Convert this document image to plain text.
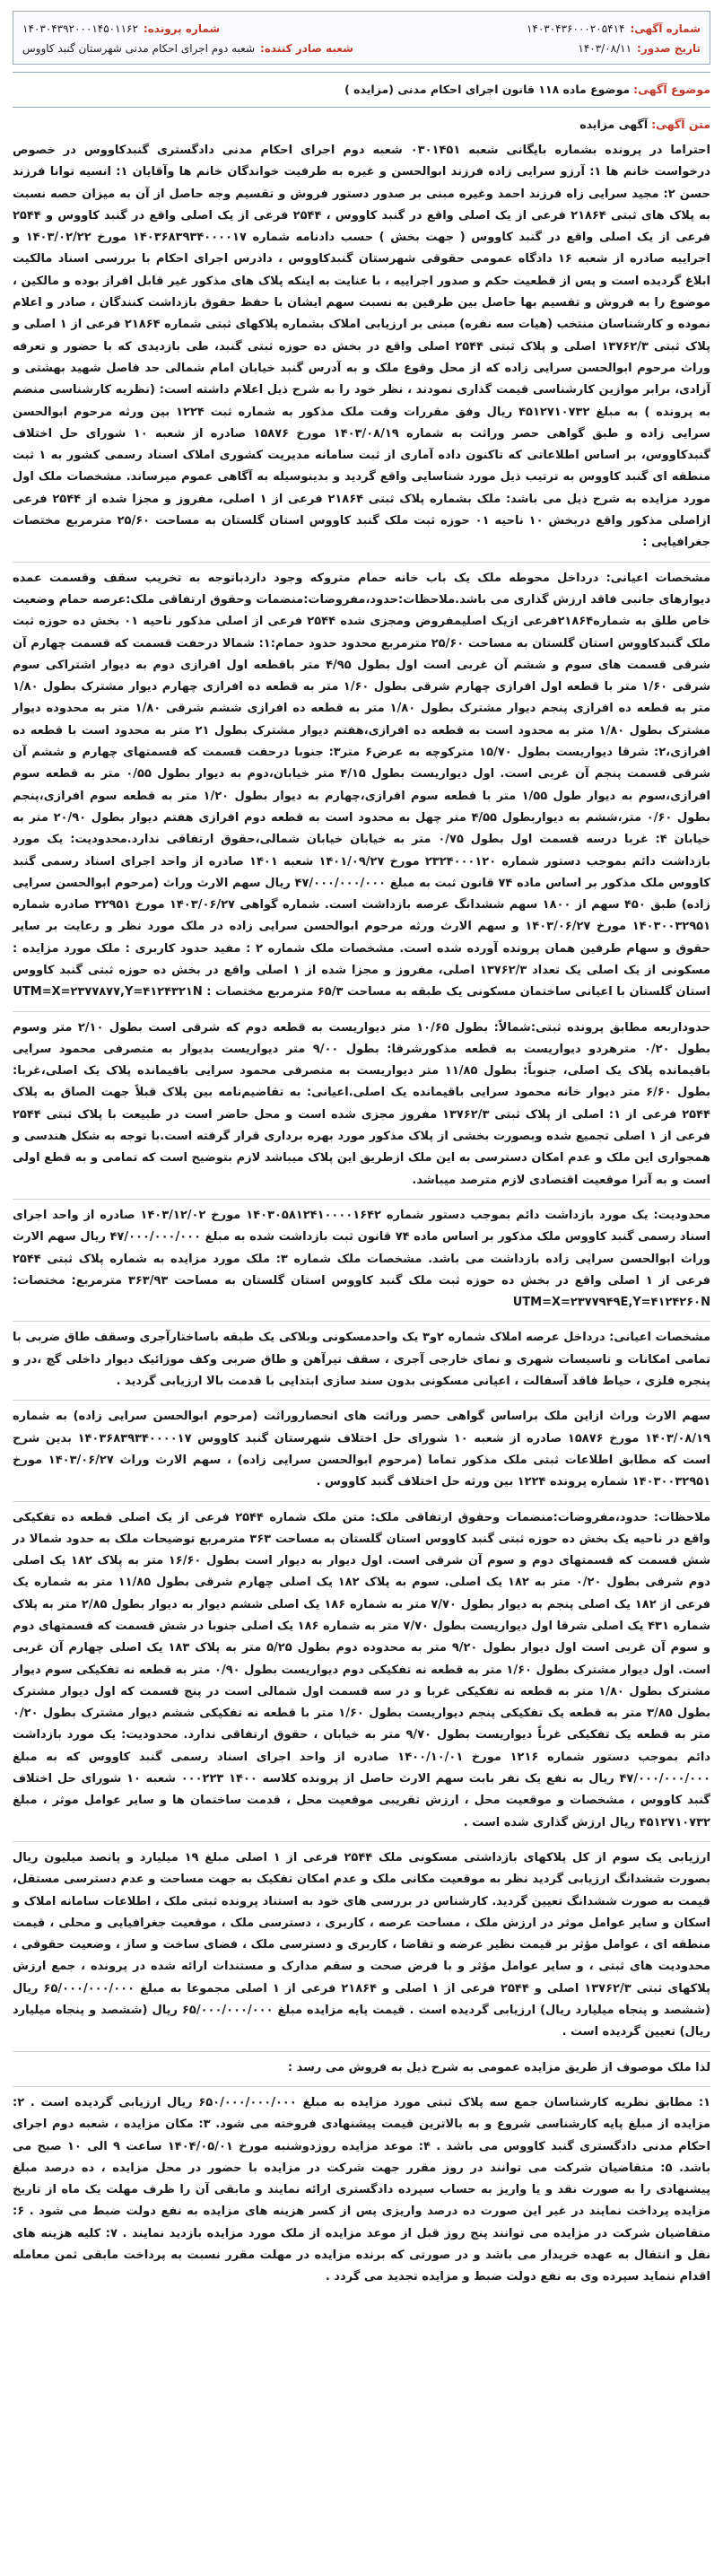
شماره آگهی:
۱۴۰۳۰۴۳۶۰۰۰۲۰۵۴۱۴
شماره پرونده:
۱۴۰۳۰۴۳۹۲۰۰۰۱۴۵۰۱۱۶۲
تاریخ صدور:
۱۴۰۳/۰۸/۱۱
شعبه صادر کننده:
شعبه دوم اجرای احکام مدنی شهرستان گنبد کاووس
موضوع آگهی: موضوع ماده ۱۱۸ قانون اجرای احکام مدنی (مزایده )
متن آگهی: آگهی مزایده
احتراما در پرونده بشماره بایگانی شعبه ۰۳۰۱۴۵۱ شعبه دوم اجرای احکام مدنی دادگستری گنبدکاووس در خصوص درخواست خانم ها ۱: آرزو سرایی زاده فرزند ابوالحسن و غیره به طرفیت خواندگان خانم ها وآقایان ۱: انسیه توانا فرزند حسن ۲: مجید سرایی زاه فرزند احمد وغیره مبنی بر صدور دستور فروش و تقسیم وجه حاصل از آن به میزان حصه نسبت به پلاک های ثبتی ۲۱۸۶۴ فرعی از یک اصلی واقع در گنبد کاووس ، ۲۵۴۴ فرعی از یک اصلی واقع در گنبد کاووس و ۲۵۴۴ فرعی از یک اصلی واقع در گنبد کاووس ( جهت بخش ) حسب دادنامه شماره ۱۴۰۳۶۸۳۹۳۴۰۰۰۰۱۷ مورخ ۱۴۰۳/۰۲/۲۲ و اجراییه صادره از شعبه ۱۶ دادگاه عمومی حقوقی شهرستان گنبدکاووس ، دادرس اجرای احکام با بررسی اسناد مالکیت ابلاغ گردیده است و پس از قطعیت حکم و صدور اجراییه ، با عنایت به اینکه پلاک های مذکور غیر قابل افراز بوده و مالکین ، موضوع را به فروش و تقسیم بها حاصل بین طرفین به نسبت سهم ایشان با حفظ حقوق بازداشت کنندگان ، صادر و اعلام نموده و کارشناسان منتخب (هیات سه نفره) مبنی بر ارزیابی املاک بشماره پلاکهای ثبتی شماره ۲۱۸۶۴ فرعی از ۱ اصلی و پلاک ثبتی ۱۳۷۶۲/۳ اصلی و پلاک ثبتی ۲۵۴۴ اصلی واقع در بخش ده حوزه ثبتی گنبد، طی بازدیدی که با حضور و تعرفه وراث مرحوم ابوالحسن سرایی زاده که از محل وقوع ملک و به آدرس گنبد خیابان امام شمالی حد فاصل شهید بهشتی و آزادی، برابر موازین کارشناسی قیمت گذاری نمودند ، نظر خود را به شرح ذیل اعلام داشته است: (نظریه کارشناسی منضم به پرونده ) به مبلغ ۴۵۱۲۷۱۰۷۳۲ ریال وفق مقررات وقت ملک مذکور به شماره ثبت ۱۲۲۴ بین ورثه مرحوم ابوالحسن سرایی زاده و طبق گواهی حصر وراثت به شماره ۱۴۰۳/۰۸/۱۹ مورخ ۱۵۸۷۶ صادره از شعبه ۱۰ شورای حل اختلاف گنبدکاووس، بر اساس اطلاعاتی که تاکنون داده آماری از ثبت سامانه مدیریت کشوری املاک اسناد رسمی کشور به ۱ ثبت منطقه ای گنبد کاووس به ترتیب ذیل مورد شناسایی واقع گردید و بدینوسیله به آگاهی عموم میرساند. مشخصات ملک اول مورد مزایده به شرح ذیل می باشد: ملک بشماره پلاک ثبتی ۲۱۸۶۴ فرعی از ۱ اصلی، مفروز و مجزا شده از ۲۵۴۴ فرعی ازاصلی مذکور واقع دربخش ۱۰ ناحیه ۰۱ حوزه ثبت ملک گنبد کاووس استان گلستان به مساحت ۲۵/۶۰ مترمربع مختصات جغرافیایی :
مشخصات اعیانی: درداخل محوطه ملک یک باب خانه حمام متروکه وجود داردباتوجه به تخریب سقف وقسمت عمده دیوارهای جانبی فاقد ارزش گذاری می باشد.ملاحظات:حدود،مفروضات:منضمات وحقوق ارتفاقی ملک:عرصه حمام وضعیت خاص طلق به شماره۲۱۸۶۴فرعی ازیک اصلیمفروض ومجزی شده ۲۵۴۴ فرعی از اصلی مذکور ناحیه ۰۱ بخش ده حوزه ثبت ملک گنبدکاووس استان گلستان به مساحت ۲۵/۶۰ مترمربع محدود حدود حمام:۱: شمالا درحفت قسمت که قسمت چهارم آن شرقی قسمت های سوم و ششم آن غربی است اول بطول ۴/۹۵ متر باقطعه اول افرازی دوم به دیوار اشتراکی سوم شرقی ۱/۶۰ متر با قطعه اول افرازی چهارم شرقی بطول ۱/۶۰ متر به قطعه ده افرازی چهارم دیوار مشترک بطول ۱/۸۰ متر به قطعه ده افرازی پنجم دیوار مشترک بطول ۱/۸۰ متر به قطعه ده افرازی ششم شرقی ۱/۸۰ متر به محدوده دیوار مشترک بطول ۱/۸۰ متر به محدود است به قطعه ده افرازی،هفتم دیوار مشترک بطول ۲۱ متر به محدود است با قطعه ده افرازی،۲: شرقا دیواریست بطول ۱۵/۷۰ مترکوچه به عرض۶ متر۳: جنوبا درحفت قسمت که قسمتهای چهارم و ششم آن شرقی قسمت پنجم آن غربی است. اول دیواریست بطول ۴/۱۵ متر خیابان،دوم به دیوار بطول ۰/۵۵ متر به قطعه سوم افرازی،سوم به دیوار طول ۱/۵۵ متر با قطعه سوم افرازی،چهارم به دیوار بطول ۱/۲۰ متر به قطعه سوم افرازی،پنجم بطول ۰/۶۰ متر،ششم به دیواربطول ۴/۵۵ متر چهل به محدود است به قطعه دوم افرازی هفتم دیوار بطول ۲۰/۹۰ متر به خیابان ۴: غربا درسه قسمت اول بطول ۰/۷۵ متر به خیابان خیابان شمالی،حقوق ارتفاقی ندارد.محدودیت: یک مورد بازداشت دائم بموجب دستور شماره ۲۳۲۴۰۰۰۱۲۰ مورخ ۱۴۰۱/۰۹/۲۷ شعبه ۱۴۰۱ صادره از واحد اجرای اسناد رسمی گنبد کاووس ملک مذکور بر اساس ماده ۷۴ قانون ثبت به مبلغ ۴۷/۰۰۰/۰۰۰/۰۰۰ ریال سهم الارث وراث (مرحوم ابوالحسن سرایی زاده) طبق ۴۵۰ سهم از ۱۸۰۰ سهم ششدانگ عرصه بازداشت است. شماره گواهی ۱۴۰۳/۰۶/۲۷ مورخ ۳۲۹۵۱ صادره شماره ۱۴۰۳۰۰۳۲۹۵۱ مورخ ۱۴۰۳/۰۶/۲۷ و سهم الارث ورثه مرحوم ابوالحسن سرایی زاده در ملک مورد نظر و رعایت بر سایر حقوق و سهام طرفین همان پرونده آورده شده است. مشخصات ملک شماره ۲ : مفید حدود کاربری : ملک مورد مزایده : مسکونی از یک اصلی یک تعداد ۱۳۷۶۲/۳ اصلی، مفروز و مجزا شده از ۱ اصلی واقع در بخش ده حوزه ثبتی گنبد کاووس استان گلستان با اعیانی ساختمان مسکونی یک طبقه به مساحت ۶۵/۳ مترمربع مختصات : UTM=X=۲۳۷۷۸۷۷,Y=۴۱۲۴۳۲۱N
حدوداربعه مطابق پرونده ثبتی:شمالاً: بطول ۱۰/۶۵ متر دیواریست به قطعه دوم که شرقی است بطول ۲/۱۰ متر وسوم بطول ۰/۲۰ مترهردو دیواریست به قطعه مذکورشرقا: بطول ۹/۰۰ متر دیواریست بدیوار به متصرفی محمود سرایی باقیمانده پلاک یک اصلی، جنوباً: بطول ۱۱/۸۵ متر دیواریست به متصرفی محمود سرایی باقیمانده پلاک یک اصلی،غربا: بطول ۶/۶۰ متر دیوار خانه محمود سرایی باقیمانده یک اصلی.اعیانی: به تقاضیم‌نامه بین پلاک قبلاً جهت الصاق به پلاک ۲۵۴۴ فرعی از ۱: اصلی از پلاک ثبتی ۱۳۷۶۲/۳ مفروز مجزی شده است و محل حاضر است در طبیعت با پلاک ثبتی ۲۵۴۴ فرعی از ۱ اصلی تجمیع شده وبصورت بخشی از پلاک مذکور مورد بهره برداری قرار گرفته است.با توجه به شکل هندسی و همجواری این ملک و عدم امکان دسترسی به این ملک ازطریق این پلاک میباشد لازم بتوضیح است که تمامی و به قطع اولی است و به آنرا موقعیت اقتصادی لازم مترصد میباشد.
محدودیت: یک مورد بازداشت دائم بموجب دستور شماره ۱۴۰۳۰۵۸۱۲۴۱۰۰۰۰۱۶۴۲ مورخ ۱۴۰۳/۱۲/۰۲ صادره از واحد اجرای اسناد رسمی گنبد کاووس ملک مذکور بر اساس ماده ۷۴ قانون ثبت بازداشت شده به مبلغ ۴۷/۰۰۰/۰۰۰/۰۰۰ ریال سهم الارث وراث ابوالحسن سرایی زاده بازداشت می باشد. مشخصات ملک شماره ۳: ملک مورد مزایده به شماره پلاک ثبتی ۲۵۴۴ فرعی از ۱ اصلی واقع در بخش ده حوزه ثبت ملک گنبد کاووس استان گلستان به مساحت ۳۶۳/۹۳ مترمربع: مختصات: UTM=X=۲۳۷۷۹۴۹E,Y=۴۱۲۴۲۶۰N
مشخصات اعیانی: درداخل عرصه املاک شماره ۲و۳ یک واحدمسکونی وبلاکی یک طبقه باساختارآجری وسقف طاق ضربی با تمامی امکانات و تاسیسات شهری و نمای خارجی آجری ، سقف تیرآهن و طاق ضربی وکف موزائیک دیوار داخلی گچ ،در و پنجره فلزی ، حیاط فاقد آسفالت ، اعیانی مسکونی بدون سند سازی ابتدایی با قدمت بالا ارزیابی گردید .
سهم الارث وراث ازاین ملک براساس گواهی حصر وراثت های انحصاروراثت (مرحوم ابوالحسن سرایی زاده) به شماره ۱۴۰۳/۰۸/۱۹ مورخ ۱۵۸۷۶ صادره از شعبه ۱۰ شورای حل اختلاف شهرستان گنبد کاووس ۱۴۰۳۶۸۳۹۳۴۰۰۰۰۱۷ بدین شرح است که مطابق اطلاعات ثبتی ملک مذکور تماما (مرحوم ابوالحسن سرایی زاده) ، سهم الارث وراث ۱۴۰۳/۰۶/۲۷ مورخ ۱۴۰۳۰۰۳۲۹۵۱ شماره پرونده ۱۲۲۴ بین ورثه حل اختلاف گنبد کاووس .
ملاحظات: حدود،مفروضات:منضمات وحقوق ارتفاقی ملک: متن ملک شماره ۲۵۴۴ فرعی از یک اصلی قطعه ده تفکیکی واقع در ناحیه یک بخش ده حوزه ثبتی گنبد کاووس استان گلستان به مساحت ۳۶۳ مترمربع توضیحات ملک به حدود شمالا در شش قسمت که قسمتهای دوم و سوم آن شرقی است. اول دیوار به دیوار است بطول ۱۶/۶۰ متر به پلاک ۱۸۲ یک اصلی دوم شرقی بطول ۰/۲۰ متر به ۱۸۲ یک اصلی. سوم به پلاک ۱۸۲ یک اصلی چهارم شرقی بطول ۱۱/۸۵ متر به شماره یک فرعی از ۱۸۲ یک اصلی پنجم به دیوار بطول ۷/۷۰ متر به شماره ۱۸۶ یک اصلی ششم دیوار به دیوار بطول ۲/۸۵ متر به پلاک شماره ۴۳۱ یک اصلی شرقا اول دیواریست بطول ۷/۷۰ متر به شماره ۱۸۶ یک اصلی جنوبا در شش قسمت که قسمتهای دوم و سوم آن غربی است اول دیوار بطول ۹/۲۰ متر به محدوده دوم بطول ۵/۲۵ متر به پلاک ۱۸۳ یک اصلی چهارم آن غربی است. اول دیوار مشترک بطول ۱/۶۰ متر به قطعه نه تفکیکی دوم دیواریست بطول ۰/۹۰ متر به قطعه نه تفکیکی سوم دیوار مشترک بطول ۱/۸۰ متر به قطعه نه تفکیکی غربا و در سه قسمت اول شمالی است در پنج قسمت که اول دیوار مشترک بطول ۳/۸۵ متر به قطعه یک تفکیکی پنجم دیواریست بطول ۱/۶۰ متر با قطعه نه تفکیکی ششم دیوار مشترک بطول ۰/۲۰ متر به قطعه یک تفکیکی غرباً دیواریست بطول ۹/۷۰ متر به خیابان ، حقوق ارتفاقی ندارد. محدودیت: یک مورد بازداشت دائم بموجب دستور شماره ۱۲۱۶ مورخ ۱۴۰۰/۱۰/۰۱ صادره از واحد اجرای اسناد رسمی گنبد کاووس که به مبلغ ۴۷/۰۰۰/۰۰۰/۰۰۰ ریال به نفع یک نفر بابت سهم الارث حاصل از پرونده کلاسه ۱۴۰۰ ۰۰۰۲۲۳ شعبه ۱۰ شورای حل اختلاف گنبد کاووس ، مشخصات و موقعیت محل ، ارزش تقریبی موقعیت محل ، قدمت ساختمان ها و سایر عوامل موثر ، مبلغ ۴۵۱۲۷۱۰۷۳۲ ریال ارزش گذاری شده است .
ارزیابی یک سوم از کل پلاکهای بازداشتی مسکونی ملک ۲۵۴۴ فرعی از ۱ اصلی مبلغ ۱۹ میلیارد و پانصد میلیون ریال بصورت ششدانگ ارزیابی گردید نظر به موقعیت مکانی ملک و عدم امکان تفکیک به جهت مساحت و عدم دسترسی مستقل، قیمت به صورت ششدانگ تعیین گردید. کارشناس در بررسی های خود به استناد پرونده ثبتی ملک ، اطلاعات سامانه املاک و اسکان و سایر عوامل موثر در ارزش ملک ، مساحت عرصه ، کاربری ، دسترسی ملک ، موقعیت جغرافیایی و محلی ، قیمت منطقه ای ، عوامل مؤثر بر قیمت نظیر عرضه و تقاضا ، کاربری و دسترسی ملک ، فضای ساخت و ساز ، وضعیت حقوقی ، محدودیت های ثبتی ، و سایر عوامل مؤثر و با فرض صحت و سقم مدارک و مستندات ارائه شده در پرونده ، جمع ارزش پلاکهای ثبتی ۱۳۷۶۲/۳ اصلی و ۲۵۴۴ فرعی از ۱ اصلی و ۲۱۸۶۴ فرعی از ۱ اصلی مجموعا به مبلغ ۶۵/۰۰۰/۰۰۰/۰۰۰ ریال (ششصد و پنجاه میلیارد ریال) ارزیابی گردیده است . قیمت پایه مزایده مبلغ ۶۵/۰۰۰/۰۰۰/۰۰۰ ریال (ششصد و پنجاه میلیارد ریال) تعیین گردیده است .
لذا ملک موصوف از طریق مزایده عمومی به شرح ذیل به فروش می رسد :
۱: مطابق نظریه کارشناسان جمع سه پلاک ثبتی مورد مزایده به مبلغ ۶۵۰/۰۰۰/۰۰۰/۰۰۰ ریال ارزیابی گردیده است . ۲: مزایده از مبلغ پایه کارشناسی شروع و به بالاترین قیمت پیشنهادی فروخته می شود. ۳: مکان مزایده ، شعبه دوم اجرای احکام مدنی دادگستری گنبد کاووس می باشد . ۴: موعد مزایده روزدوشنبه مورخ ۱۴۰۴/۰۵/۰۱ ساعت ۹ الی ۱۰ صبح می باشد. ۵: متقاضیان شرکت می توانند در روز مقرر جهت شرکت در مزایده با حضور در محل مزایده ، ده درصد مبلغ پیشنهادی را به صورت نقد و یا واریز به حساب سپرده دادگستری ارائه نمایند و مابقی آن را ظرف مهلت یک ماه از تاریخ مزایده پرداخت نمایند در غیر این صورت ده درصد واریزی پس از کسر هزینه های مزایده به نفع دولت ضبط می شود . ۶: متقاضیان شرکت در مزایده می توانند پنج روز قبل از موعد مزایده از ملک مورد مزایده بازدید نمایند . ۷: کلیه هزینه های نقل و انتقال به عهده خریدار می باشد و در صورتی که برنده مزایده در مهلت مقرر نسبت به پرداخت مابقی ثمن معامله اقدام ننماید سپرده وی به نفع دولت ضبط و مزایده تجدید می گردد .
